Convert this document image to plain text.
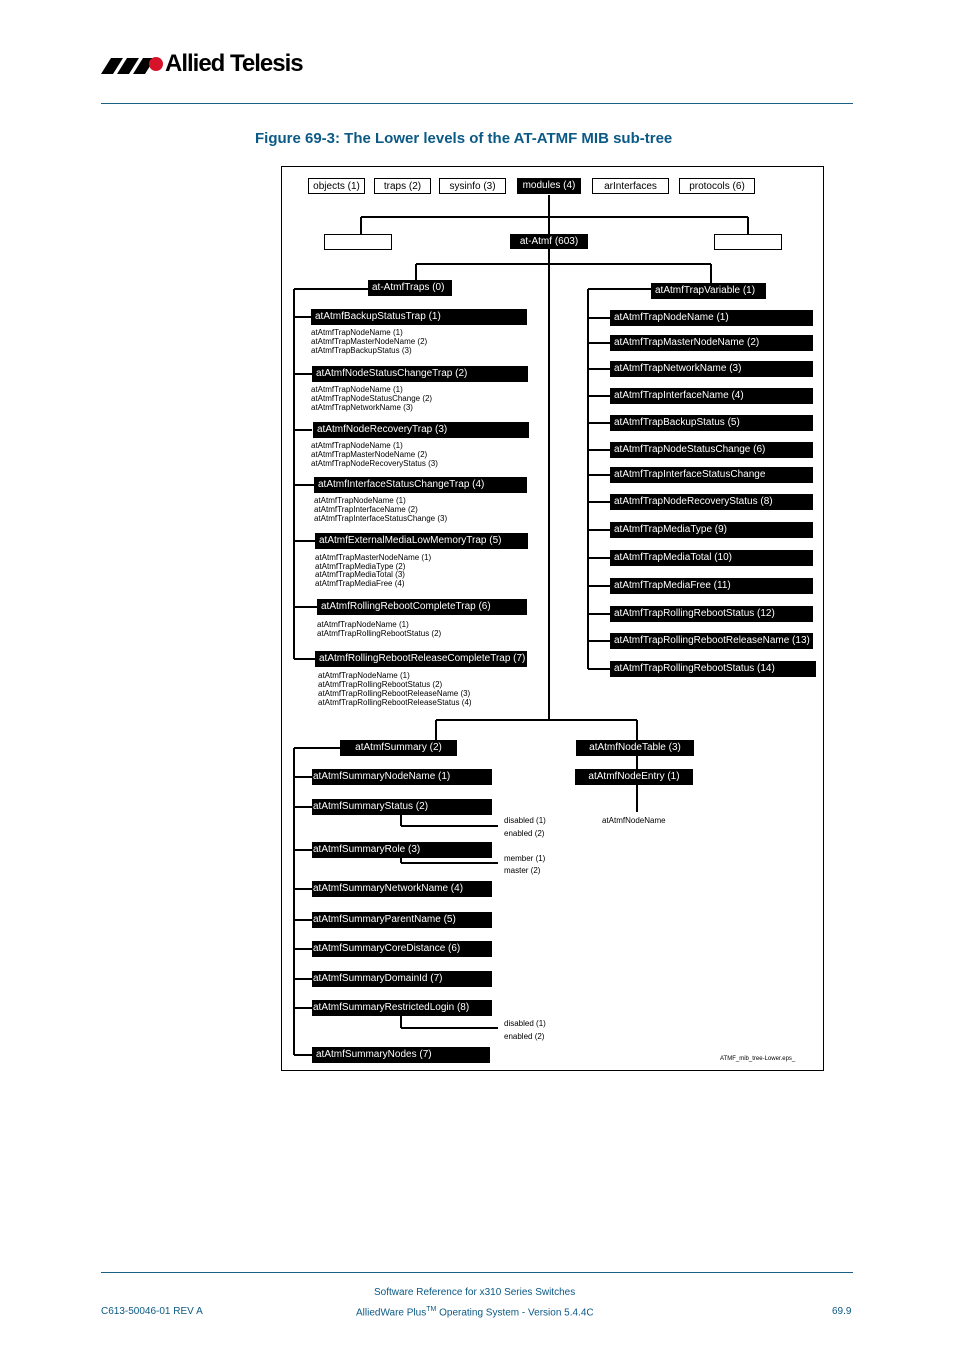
Allied Telesis
Figure 69-3: The Lower levels of the AT-ATMF MIB sub-tree
objects (1)	traps (2)	sysinfo (3)	modules (4)	arInterfaces	protocols (6)
at-Atmf (603)
at-AtmfTraps (0)
atAtmfBackupStatusTrap (1)
atAtmfTrapNodeName (1)
atAtmfTrapMasterNodeName (2)
atAtmfTrapBackupStatus (3)
atAtmfNodeStatusChangeTrap (2)
atAtmfTrapNodeName (1)
atAtmfTrapNodeStatusChange (2)
atAtmfTrapNetworkName (3)
atAtmfNodeRecoveryTrap (3)
atAtmfTrapNodeName (1)
atAtmfTrapMasterNodeName (2)
atAtmfTrapNodeRecoveryStatus (3)
atAtmfInterfaceStatusChangeTrap (4)
atAtmfTrapNodeName (1)
atAtmfTrapInterfaceName (2)
atAtmfTrapInterfaceStatusChange (3)
atAtmfExternalMediaLowMemoryTrap (5)
atAtmfTrapMasterNodeName (1)
atAtmfTrapMediaType (2)
atAtmfTrapMediaTotal (3)
atAtmfTrapMediaFree (4)
atAtmfRollingRebootCompleteTrap (6)
atAtmfTrapNodeName (1)
atAtmfTrapRollingRebootStatus (2)
atAtmfRollingRebootReleaseCompleteTrap (7)
atAtmfTrapNodeName (1)
atAtmfTrapRollingRebootStatus (2)
atAtmfTrapRollingRebootReleaseName (3)
atAtmfTrapRollingRebootReleaseStatus (4)
atAtmfTrapVariable (1)
atAtmfTrapNodeName (1)
atAtmfTrapMasterNodeName (2)
atAtmfTrapNetworkName (3)
atAtmfTrapInterfaceName (4)
atAtmfTrapBackupStatus (5)
atAtmfTrapNodeStatusChange (6)
atAtmfTrapInterfaceStatusChange
atAtmfTrapNodeRecoveryStatus (8)
atAtmfTrapMediaType (9)
atAtmfTrapMediaTotal (10)
atAtmfTrapMediaFree (11)
atAtmfTrapRollingRebootStatus (12)
atAtmfTrapRollingRebootReleaseName (13)
atAtmfTrapRollingRebootStatus (14)
atAtmfSummary (2)
atAtmfSummaryNodeName (1)
atAtmfSummaryStatus (2)
atAtmfSummaryRole (3)
atAtmfSummaryNetworkName (4)
atAtmfSummaryParentName (5)
atAtmfSummaryCoreDistance (6)
atAtmfSummaryDomainId (7)
atAtmfSummaryRestrictedLogin (8)
atAtmfSummaryNodes (7)
disabled (1)
enabled (2)
member (1)
master (2)
disabled (1)
enabled (2)
atAtmfNodeTable (3)
atAtmfNodeEntry (1)
atAtmfNodeName
ATMF_mib_tree-Lower.eps_
Software Reference for x310 Series Switches
C613-50046-01 REV A	AlliedWare Plus™ Operating System - Version 5.4.4C	69.9
